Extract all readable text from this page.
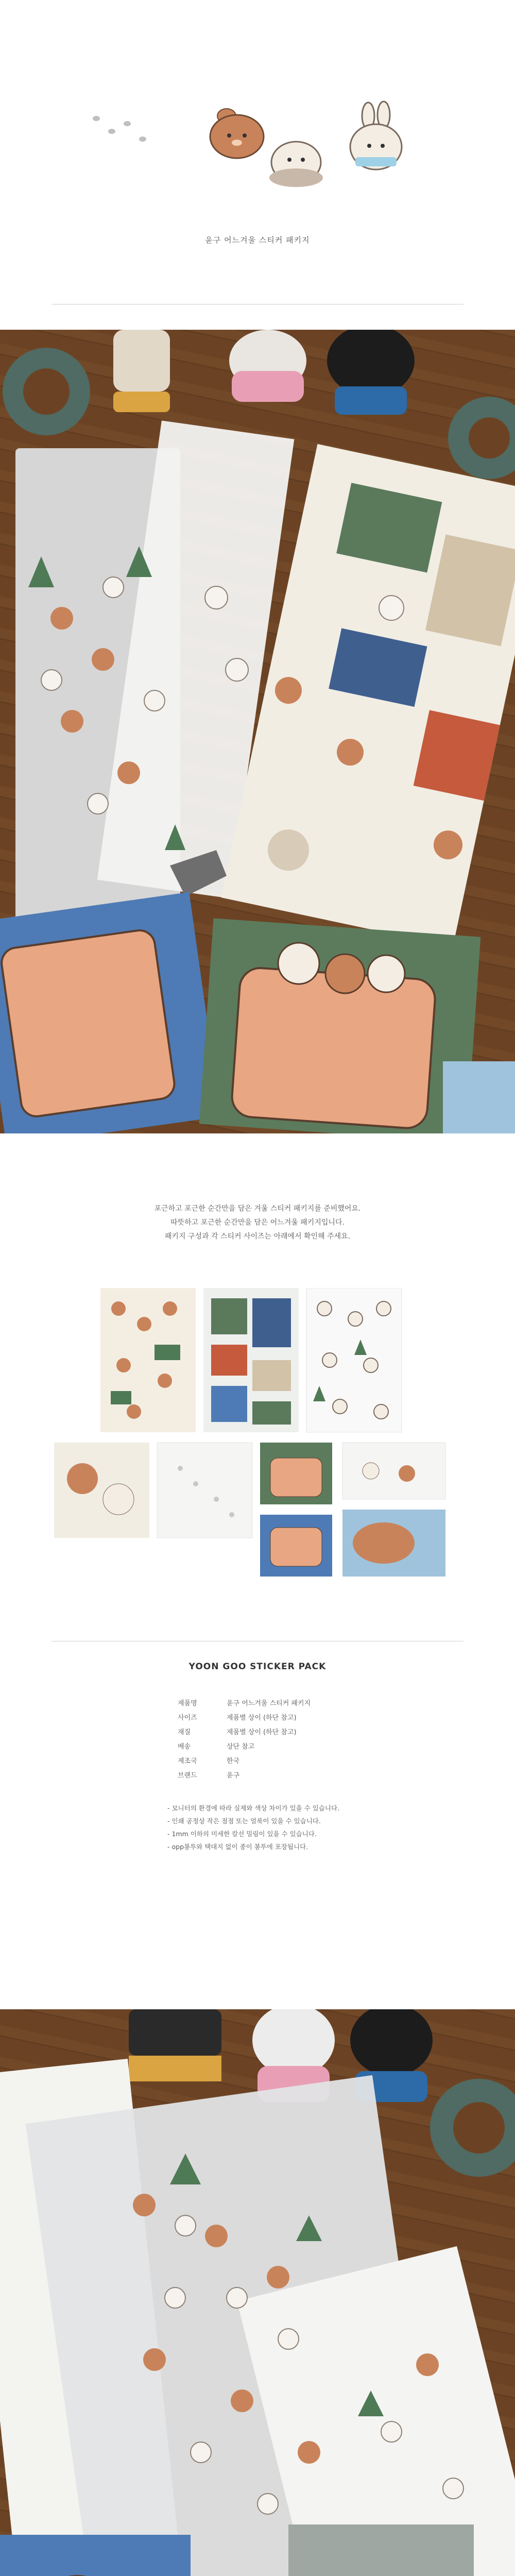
윤구 어느겨울 스티커 패키지
포근하고 포근한 순간만을 담은 겨울 스티커 패키지를 준비했어요.
따뜻하고 포근한 순간만을 담은 어느겨울 패키지입니다.
패키지 구성과 각 스티커 사이즈는 아래에서 확인해 주세요.
YOON GOO STICKER PACK
제품명	윤구 어느겨울 스티커 패키지
사이즈	제품별 상이 (하단 참고)
재질	제품별 상이 (하단 참고)
배송	상단 참고
제조국	한국
브랜드	윤구
- 모니터의 환경에 따라 실제와 색상 차이가 있을 수 있습니다.
- 인쇄 공정상 작은 점점 또는 얼룩이 있을 수 있습니다.
- 1mm 이하의 미세한 칼선 밀림이 있을 수 있습니다.
- opp봉투와 택대지 없이 종이 봉투에 포장됩니다.
